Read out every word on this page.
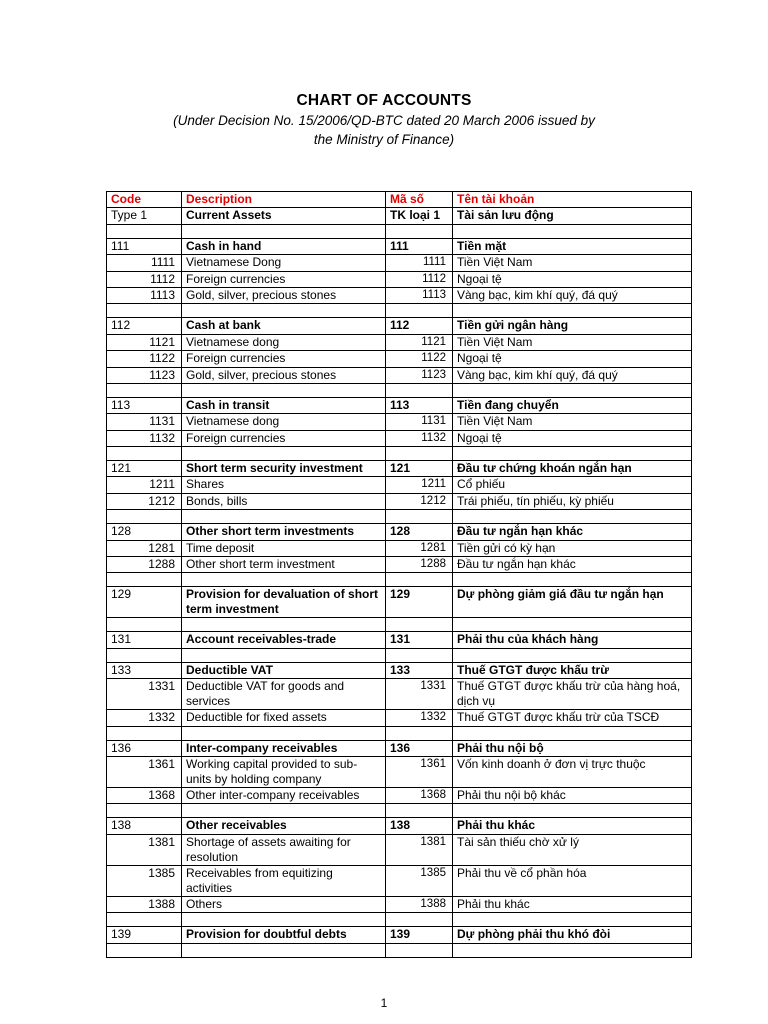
CHART OF ACCOUNTS
(Under Decision No. 15/2006/QD-BTC dated 20 March 2006 issued by
the Ministry of Finance)
Code	Description	Mã số	Tên tài khoản
Type 1	Current Assets	TK loại 1	Tài sản lưu động

111	Cash in hand	111	Tiền mặt
1111	Vietnamese Dong	1111	Tiền Việt Nam
1112	Foreign currencies	1112	Ngoại tệ
1113	Gold, silver, precious stones	1113	Vàng bạc, kim khí quý, đá quý

112	Cash at bank	112	Tiền gửi ngân hàng
1121	Vietnamese dong	1121	Tiền Việt Nam
1122	Foreign currencies	1122	Ngoại tệ
1123	Gold, silver, precious stones	1123	Vàng bạc, kim khí quý, đá quý

113	Cash in transit	113	Tiền đang chuyển
1131	Vietnamese dong	1131	Tiền Việt Nam
1132	Foreign currencies	1132	Ngoại tệ

121	Short term security investment	121	Đầu tư chứng khoán ngắn hạn
1211	Shares	1211	Cổ phiếu
1212	Bonds, bills	1212	Trái phiếu, tín phiếu, kỳ phiếu

128	Other short term investments	128	Đầu tư ngắn hạn khác
1281	Time deposit	1281	Tiền gửi có kỳ hạn
1288	Other short term investment	1288	Đầu tư ngắn hạn khác

129	Provision for devaluation of short term investment	129	Dự phòng giảm giá đầu tư ngắn hạn

131	Account receivables-trade	131	Phải thu của khách hàng

133	Deductible VAT	133	Thuế GTGT được khấu trừ
1331	Deductible VAT for goods and services	1331	Thuế GTGT được khấu trừ của hàng hoá, dịch vụ
1332	Deductible for fixed assets	1332	Thuế GTGT được khấu trừ của TSCĐ

136	Inter-company receivables	136	Phải thu nội bộ
1361	Working capital provided to sub-units by holding company	1361	Vốn kinh doanh ở đơn vị trực thuộc
1368	Other inter-company receivables	1368	Phải thu nội bộ khác

138	Other receivables	138	Phải thu khác
1381	Shortage of assets awaiting for resolution	1381	Tài sản thiếu chờ xử lý
1385	Receivables from equitizing activities	1385	Phải thu về cổ phần hóa
1388	Others	1388	Phải thu khác

139	Provision for doubtful debts	139	Dự phòng phải thu khó đòi

1
